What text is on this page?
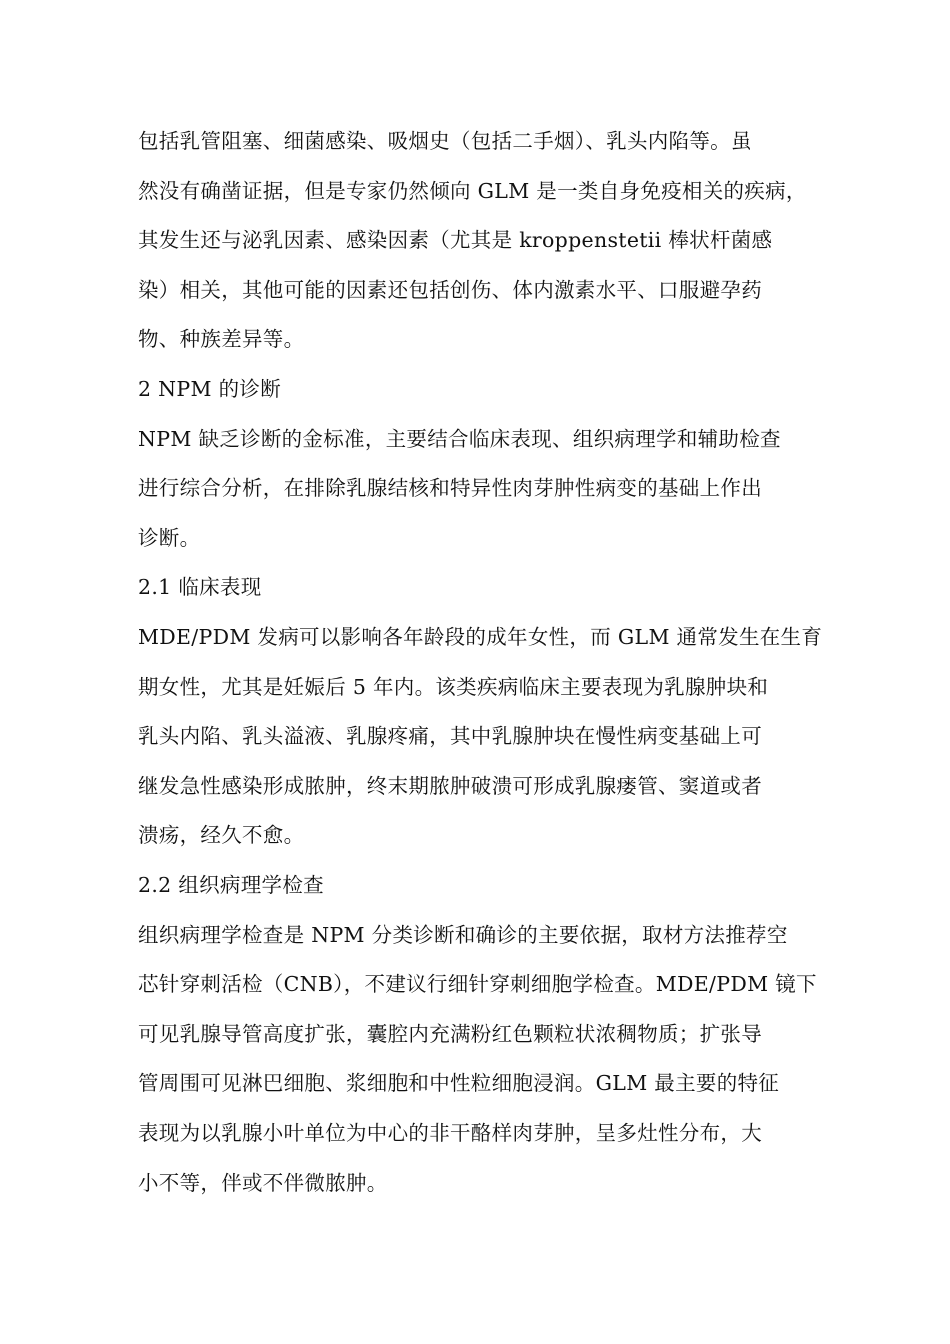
包括乳管阻塞、细菌感染、吸烟史（包括二手烟）、乳头内陷等。虽
然没有确凿证据，但是专家仍然倾向 GLM 是一类自身免疫相关的疾病，
其发生还与泌乳因素、感染因素（尤其是 kroppenstetii 棒状杆菌感
染）相关，其他可能的因素还包括创伤、体内激素水平、口服避孕药
物、种族差异等。
2 NPM 的诊断
NPM 缺乏诊断的金标准，主要结合临床表现、组织病理学和辅助检查
进行综合分析，在排除乳腺结核和特异性肉芽肿性病变的基础上作出
诊断。
2.1 临床表现
MDE/PDM 发病可以影响各年龄段的成年女性，而 GLM 通常发生在生育
期女性，尤其是妊娠后 5 年内。该类疾病临床主要表现为乳腺肿块和
乳头内陷、乳头溢液、乳腺疼痛，其中乳腺肿块在慢性病变基础上可
继发急性感染形成脓肿，终末期脓肿破溃可形成乳腺瘘管、窦道或者
溃疡，经久不愈。
2.2 组织病理学检查
组织病理学检查是 NPM 分类诊断和确诊的主要依据，取材方法推荐空
芯针穿刺活检（CNB），不建议行细针穿刺细胞学检查。MDE/PDM 镜下
可见乳腺导管高度扩张，囊腔内充满粉红色颗粒状浓稠物质；扩张导
管周围可见淋巴细胞、浆细胞和中性粒细胞浸润。GLM 最主要的特征
表现为以乳腺小叶单位为中心的非干酪样肉芽肿，呈多灶性分布，大
小不等，伴或不伴微脓肿。
